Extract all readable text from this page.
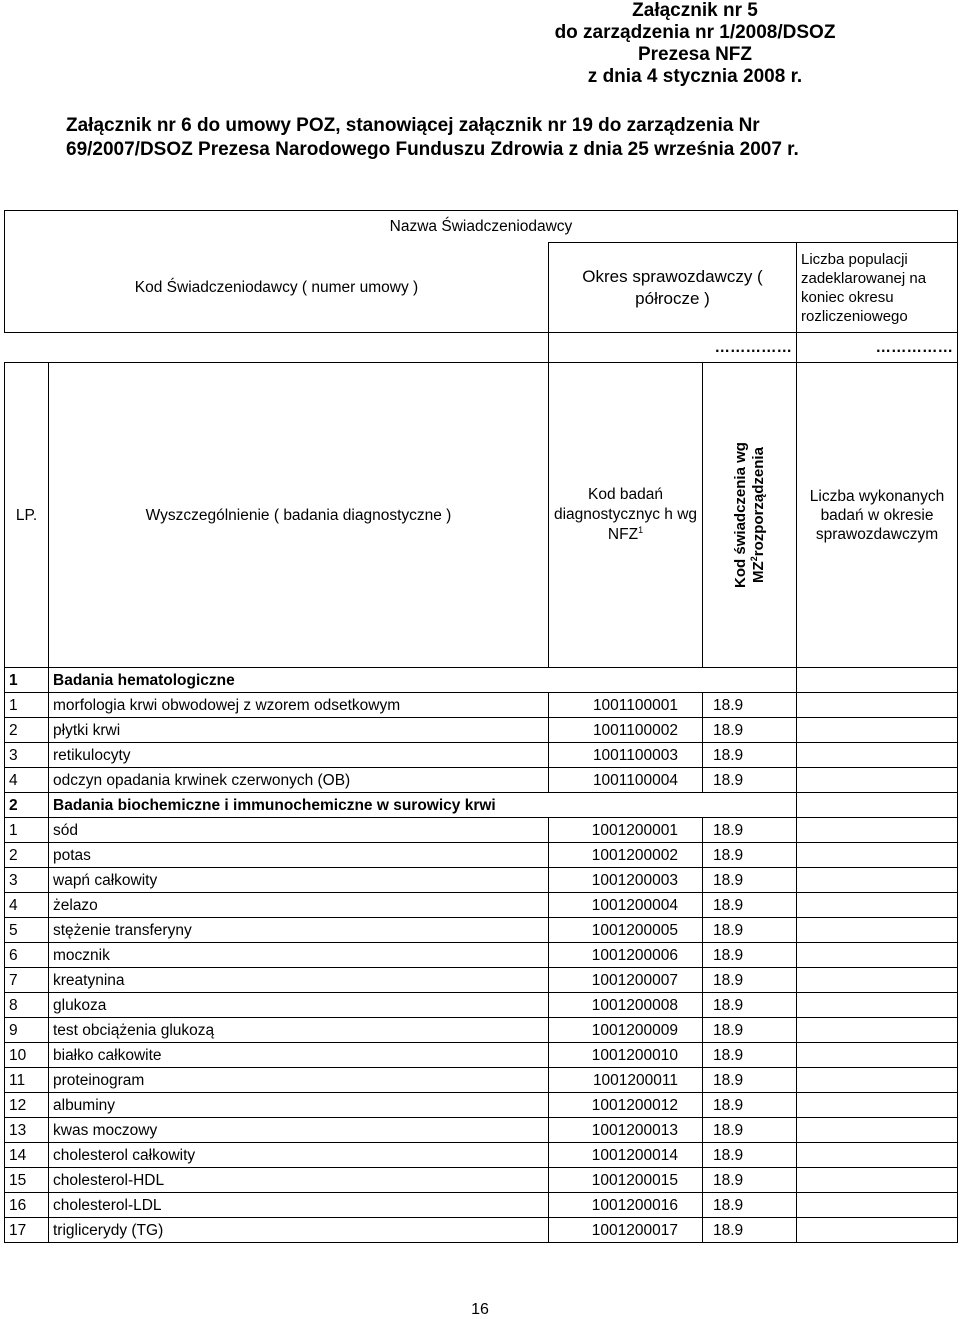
Załącznik nr 5
do zarządzenia nr 1/2008/DSOZ
Prezesa NFZ
z dnia 4 stycznia 2008 r.
Załącznik nr 6 do umowy POZ, stanowiącej załącznik nr 19 do zarządzenia Nr 69/2007/DSOZ Prezesa Narodowego Funduszu Zdrowia z dnia 25 września 2007 r.
Nazwa Świadczeniodawcy				
Kod Świadczeniodawcy ( numer umowy )		Okres sprawozdawczy ( półrocze )		Liczba populacji zadeklarowanej na koniec okresu rozliczeniowego
		……………		……………
LP.	Wyszczególnienie ( badania diagnostyczne )	Kod badań diagnostycznyc h wg NFZ$^1$	Kod świadczenia wg $MZ^2rozporządzenia$	Liczba wykonanych badań w okresie sprawozdawczym
1	Badania hematologiczne			
1	morfologia krwi obwodowej z wzorem odsetkowym	1001100001	18.9	
2	płytki krwi	1001100002	18.9	
3	retikulocyty	1001100003	18.9	
4	odczyn opadania krwinek czerwonych (OB)	1001100004	18.9	
2	Badania biochemiczne i immunochemiczne w surowicy krwi			
1	sód	1001200001	18.9	
2	potas	1001200002	18.9	
3	wapń całkowity	1001200003	18.9	
4	żelazo	1001200004	18.9	
5	stężenie transferyny	1001200005	18.9	
6	mocznik	1001200006	18.9	
7	kreatynina	1001200007	18.9	
8	glukoza	1001200008	18.9	
9	test obciążenia glukozą	1001200009	18.9	
10	białko całkowite	1001200010	18.9	
11	proteinogram	1001200011	18.9	
12	albuminy	1001200012	18.9	
13	kwas moczowy	1001200013	18.9	
14	cholesterol całkowity	1001200014	18.9	
15	cholesterol-HDL	1001200015	18.9	
16	cholesterol-LDL	1001200016	18.9	
17	triglicerydy (TG)	1001200017	18.9	
16
